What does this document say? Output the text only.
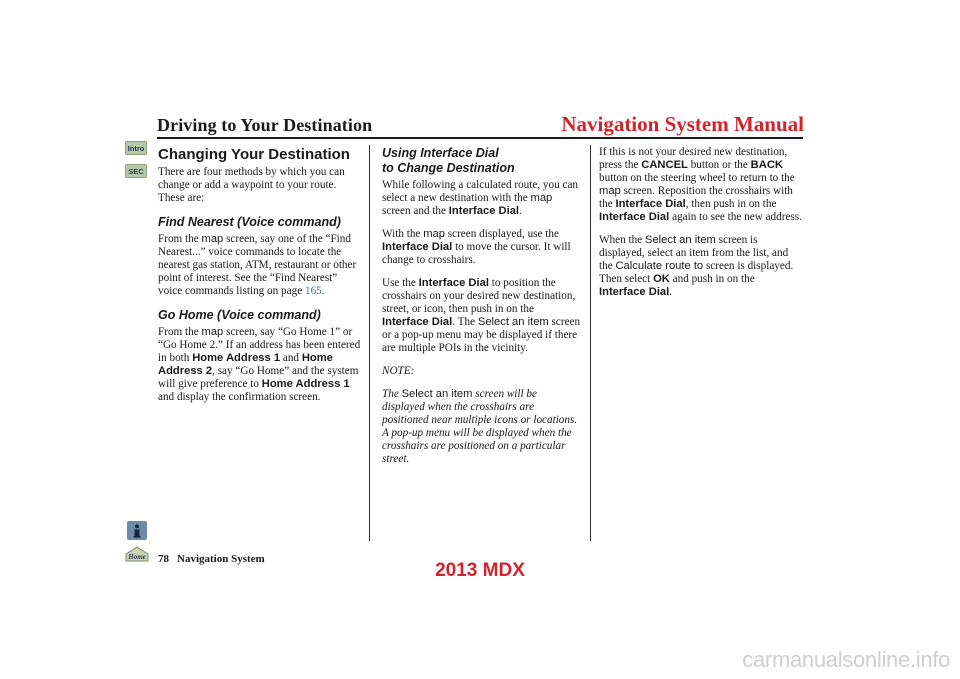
Driving to Your Destination	Navigation System Manual
Intro
SEC
Changing Your Destination

There are four methods by which you can change or add a waypoint to your route. These are:

Find Nearest (Voice command)

From the map screen, say one of the “Find Nearest...” voice commands to locate the nearest gas station, ATM, restaurant or other point of interest. See the “Find Nearest” voice commands listing on page 165.

Go Home (Voice command)

From the map screen, say “Go Home 1” or “Go Home 2.” If an address has been entered in both Home Address 1 and Home Address 2, say “Go Home” and the system will give preference to Home Address 1 and display the confirmation screen.

Using Interface Dial
to Change Destination

While following a calculated route, you can select a new destination with the map screen and the Interface Dial.

With the map screen displayed, use the Interface Dial to move the cursor. It will change to crosshairs.

Use the Interface Dial to position the crosshairs on your desired new destination, street, or icon, then push in on the Interface Dial. The Select an item screen or a pop-up menu may be displayed if there are multiple POIs in the vicinity.

NOTE:

The Select an item screen will be displayed when the crosshairs are positioned near multiple icons or locations. A pop-up menu will be displayed when the crosshairs are positioned on a particular street.

If this is not your desired new destination, press the CANCEL button or the BACK button on the steering wheel to return to the map screen. Reposition the crosshairs with the Interface Dial, then push in on the Interface Dial again to see the new address.

When the Select an item screen is displayed, select an item from the list, and the Calculate route to screen is displayed. Then select OK and push in on the Interface Dial.

Home 78 Navigation System
2013 MDX
carmanualsonline.info
